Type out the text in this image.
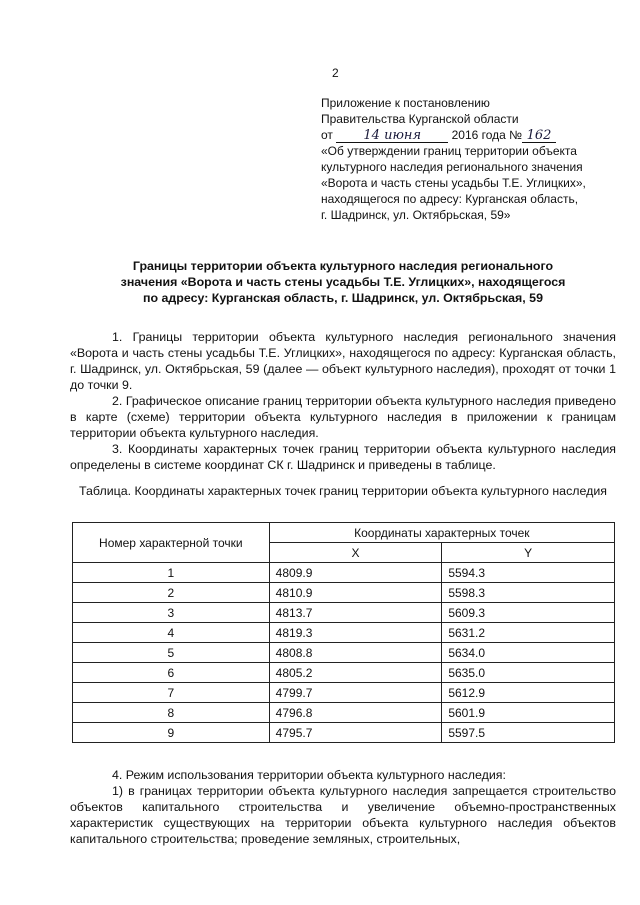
2
Приложение к постановлению
Правительства Курганской области
от 14 июня	2016 года № 162
«Об утверждении границ территории объекта
культурного наследия регионального значения
«Ворота и часть стены усадьбы Т.Е. Углицких»,
находящегося по адресу: Курганская область,
г. Шадринск, ул. Октябрьская, 59»
Границы территории объекта культурного наследия регионального
значения «Ворота и часть стены усадьбы Т.Е. Углицких», находящегося
по адресу: Курганская область, г. Шадринск, ул. Октябрьская, 59

1. Границы территории объекта культурного наследия регионального значения «Ворота и часть стены усадьбы Т.Е. Углицких», находящегося по адресу: Курганская область, г. Шадринск, ул. Октябрьская, 59 (далее — объект культурного наследия), проходят от точки 1 до точки 9.

2. Графическое описание границ территории объекта культурного наследия приведено в карте (схеме) территории объекта культурного наследия в приложении к границам территории объекта культурного наследия.

3. Координаты характерных точек границ территории объекта культурного наследия определены в системе координат СК г. Шадринск и приведены в таблице.

Таблица. Координаты характерных точек границ территории объекта культурного наследия
Номер характерной точки	Координаты характерных точек	
	X	Y
1	4809.9	5594.3
2	4810.9	5598.3
3	4813.7	5609.3
4	4819.3	5631.2
5	4808.8	5634.0
6	4805.2	5635.0
7	4799.7	5612.9
8	4796.8	5601.9
9	4795.7	5597.5

4. Режим использования территории объекта культурного наследия:

1) в границах территории объекта культурного наследия запрещается строительство объектов капитального строительства и увеличение объемно-пространственных характеристик существующих на территории объекта культурного наследия объектов капитального строительства; проведение земляных, строительных,
